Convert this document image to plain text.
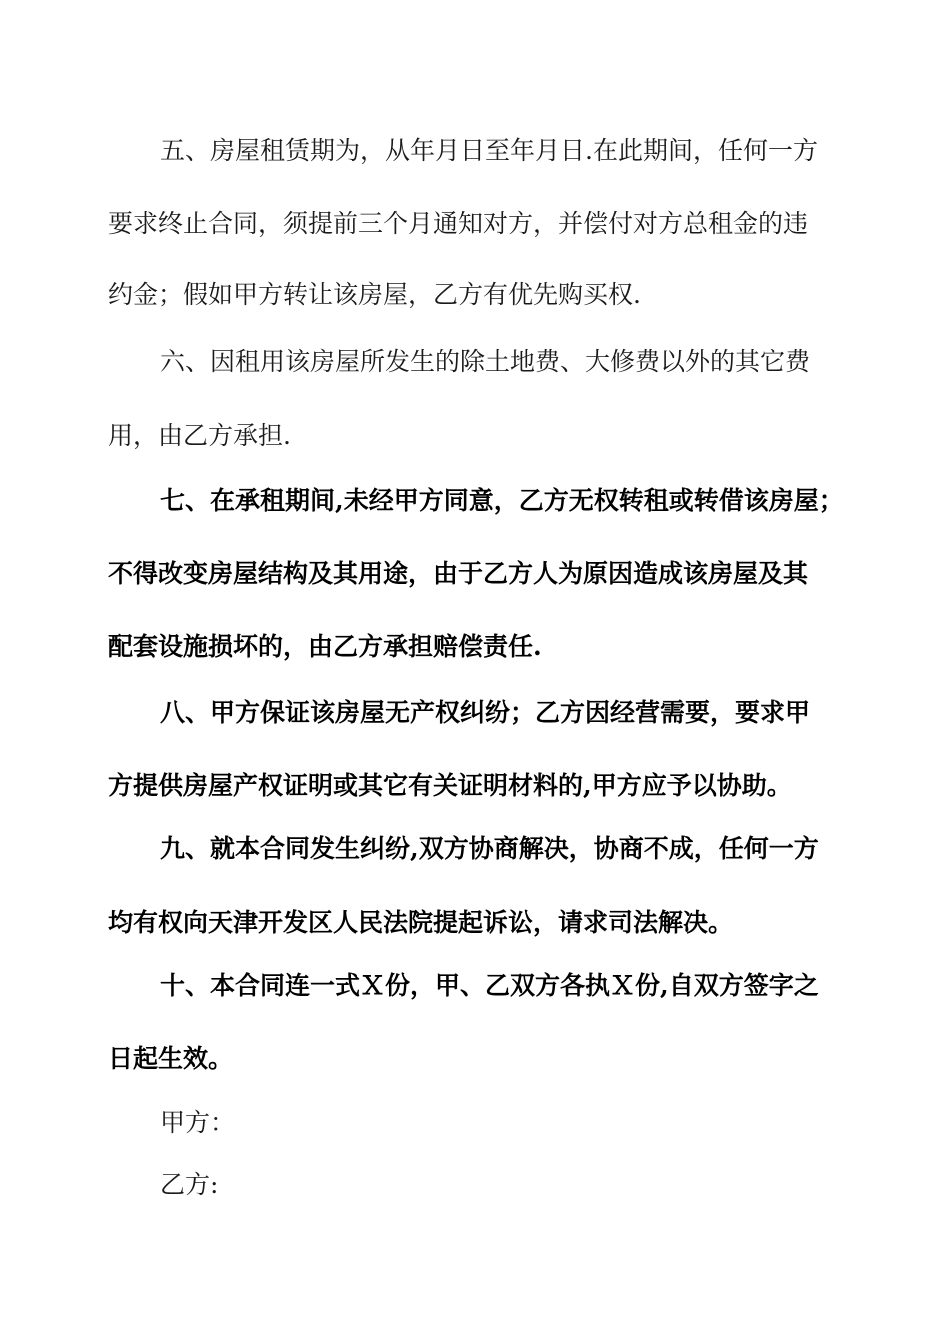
五、房屋租赁期为，从年月日至年月日.在此期间，任何一方
要求终止合同，须提前三个月通知对方，并偿付对方总租金的违
约金；假如甲方转让该房屋，乙方有优先购买权.
六、因租用该房屋所发生的除土地费、大修费以外的其它费
用，由乙方承担.
七、在承租期间,未经甲方同意，乙方无权转租或转借该房屋；
不得改变房屋结构及其用途，由于乙方人为原因造成该房屋及其
配套设施损坏的，由乙方承担赔偿责任.
八、甲方保证该房屋无产权纠纷；乙方因经营需要，要求甲
方提供房屋产权证明或其它有关证明材料的,甲方应予以协助。
九、就本合同发生纠纷,双方协商解决，协商不成，任何一方
均有权向天津开发区人民法院提起诉讼，请求司法解决。
十、本合同连一式Ｘ份，甲、乙双方各执Ｘ份,自双方签字之
日起生效。
甲方：
乙方:
